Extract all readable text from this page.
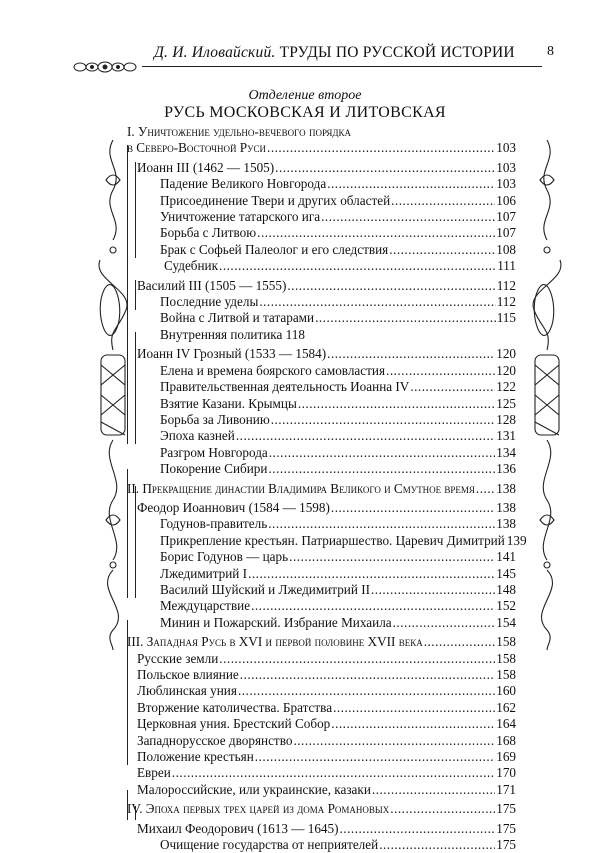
Д. И. Иловайский. ТРУДЫ ПО РУССКОЙ ИСТОРИИ 8
Отделение второе
РУСЬ МОСКОВСКАЯ И ЛИТОВСКАЯ
I. Уничтожение удельно-вечевого порядка
в Северо-Восточной Руси .....	103
Иоанн III (1462 — 1505) .....	103
Падение Великого Новгорода .....	103
Присоединение Твери и других областей .....	106
Уничтожение татарского ига .....	107
Борьба с Литвою .....	107
Брак с Софьей Палеолог и его следствия .....	108
Судебник .....	111
Василий III (1505 — 1555) .....	112
Последние уделы .....	112
Война с Литвой и татарами .....	115
Внутренняя политика 118
Иоанн IV Грозный (1533 — 1584) .....	120
Елена и времена боярского самовластия .....	120
Правительственная деятельность Иоанна IV .....	122
Взятие Казани. Крымцы .....	125
Борьба за Ливонию .....	128
Эпоха казней .....	131
Разгром Новгорода .....	134
Покорение Сибири .....	136
II. Прекращение династии Владимира Великого и Смутное время ..... 138
Феодор Иоаннович (1584 — 1598) .....	138
Годунов-правитель .....	138
Прикрепление крестьян. Патриаршество. Царевич Димитрий 139
Борис Годунов — царь .....	141
Лжедимитрий I .....	145
Василий Шуйский и Лжедимитрий II .....	148
Междуцарствие .....	152
Минин и Пожарский. Избрание Михаила .....	154
III. Западная Русь в XVI и первой половине XVII века .....	158
Русские земли .....	158
Польское влияние .....	158
Люблинская уния .....	160
Вторжение католичества. Братства .....	162
Церковная уния. Брестский Собор .....	164
Западнорусское дворянство .....	168
Положение крестьян .....	169
Евреи .....	170
Малороссийские, или украинские, казаки .....	171
IV. Эпоха первых трех царей из дома Романовых .....	175
Михаил Феодорович (1613 — 1645) .....	175
Очищение государства от неприятелей .....	175
